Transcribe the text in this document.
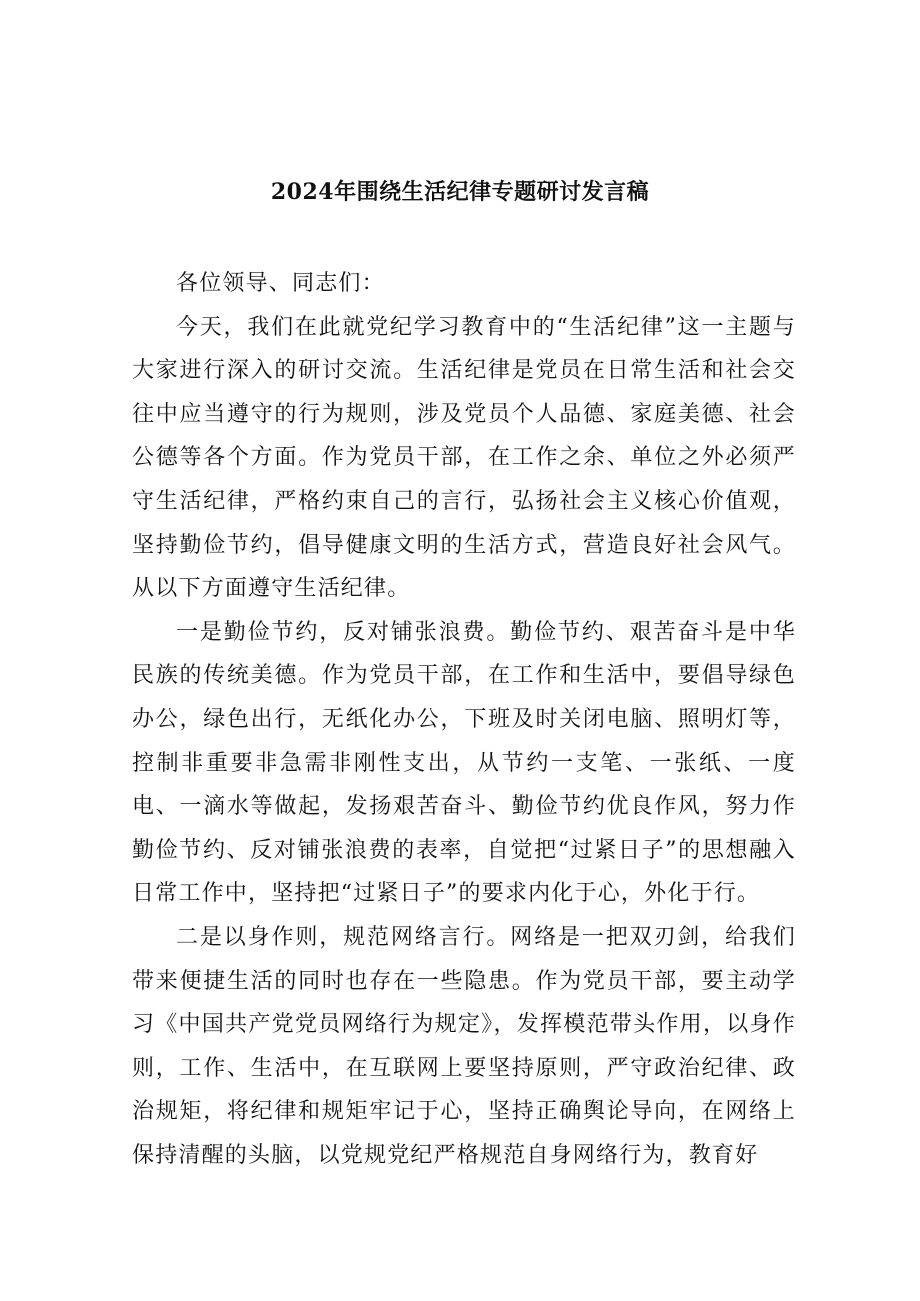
2024年围绕生活纪律专题研讨发言稿

各位领导、同志们：

今天，我们在此就党纪学习教育中的“生活纪律”这一主题与大家进行深入的研讨交流。生活纪律是党员在日常生活和社会交往中应当遵守的行为规则，涉及党员个人品德、家庭美德、社会公德等各个方面。作为党员干部，在工作之余、单位之外必须严守生活纪律，严格约束自己的言行，弘扬社会主义核心价值观，坚持勤俭节约，倡导健康文明的生活方式，营造良好社会风气。从以下方面遵守生活纪律。

一是勤俭节约，反对铺张浪费。勤俭节约、艰苦奋斗是中华民族的传统美德。作为党员干部，在工作和生活中，要倡导绿色办公，绿色出行，无纸化办公，下班及时关闭电脑、照明灯等，控制非重要非急需非刚性支出，从节约一支笔、一张纸、一度电、一滴水等做起，发扬艰苦奋斗、勤俭节约优良作风，努力作勤俭节约、反对铺张浪费的表率，自觉把“过紧日子”的思想融入日常工作中，坚持把“过紧日子”的要求内化于心，外化于行。

二是以身作则，规范网络言行。网络是一把双刃剑，给我们带来便捷生活的同时也存在一些隐患。作为党员干部，要主动学习《中国共产党党员网络行为规定》，发挥模范带头作用，以身作则，工作、生活中，在互联网上要坚持原则，严守政治纪律、政治规矩，将纪律和规矩牢记于心，坚持正确舆论导向，在网络上保持清醒的头脑，以党规党纪严格规范自身网络行为，教育好
